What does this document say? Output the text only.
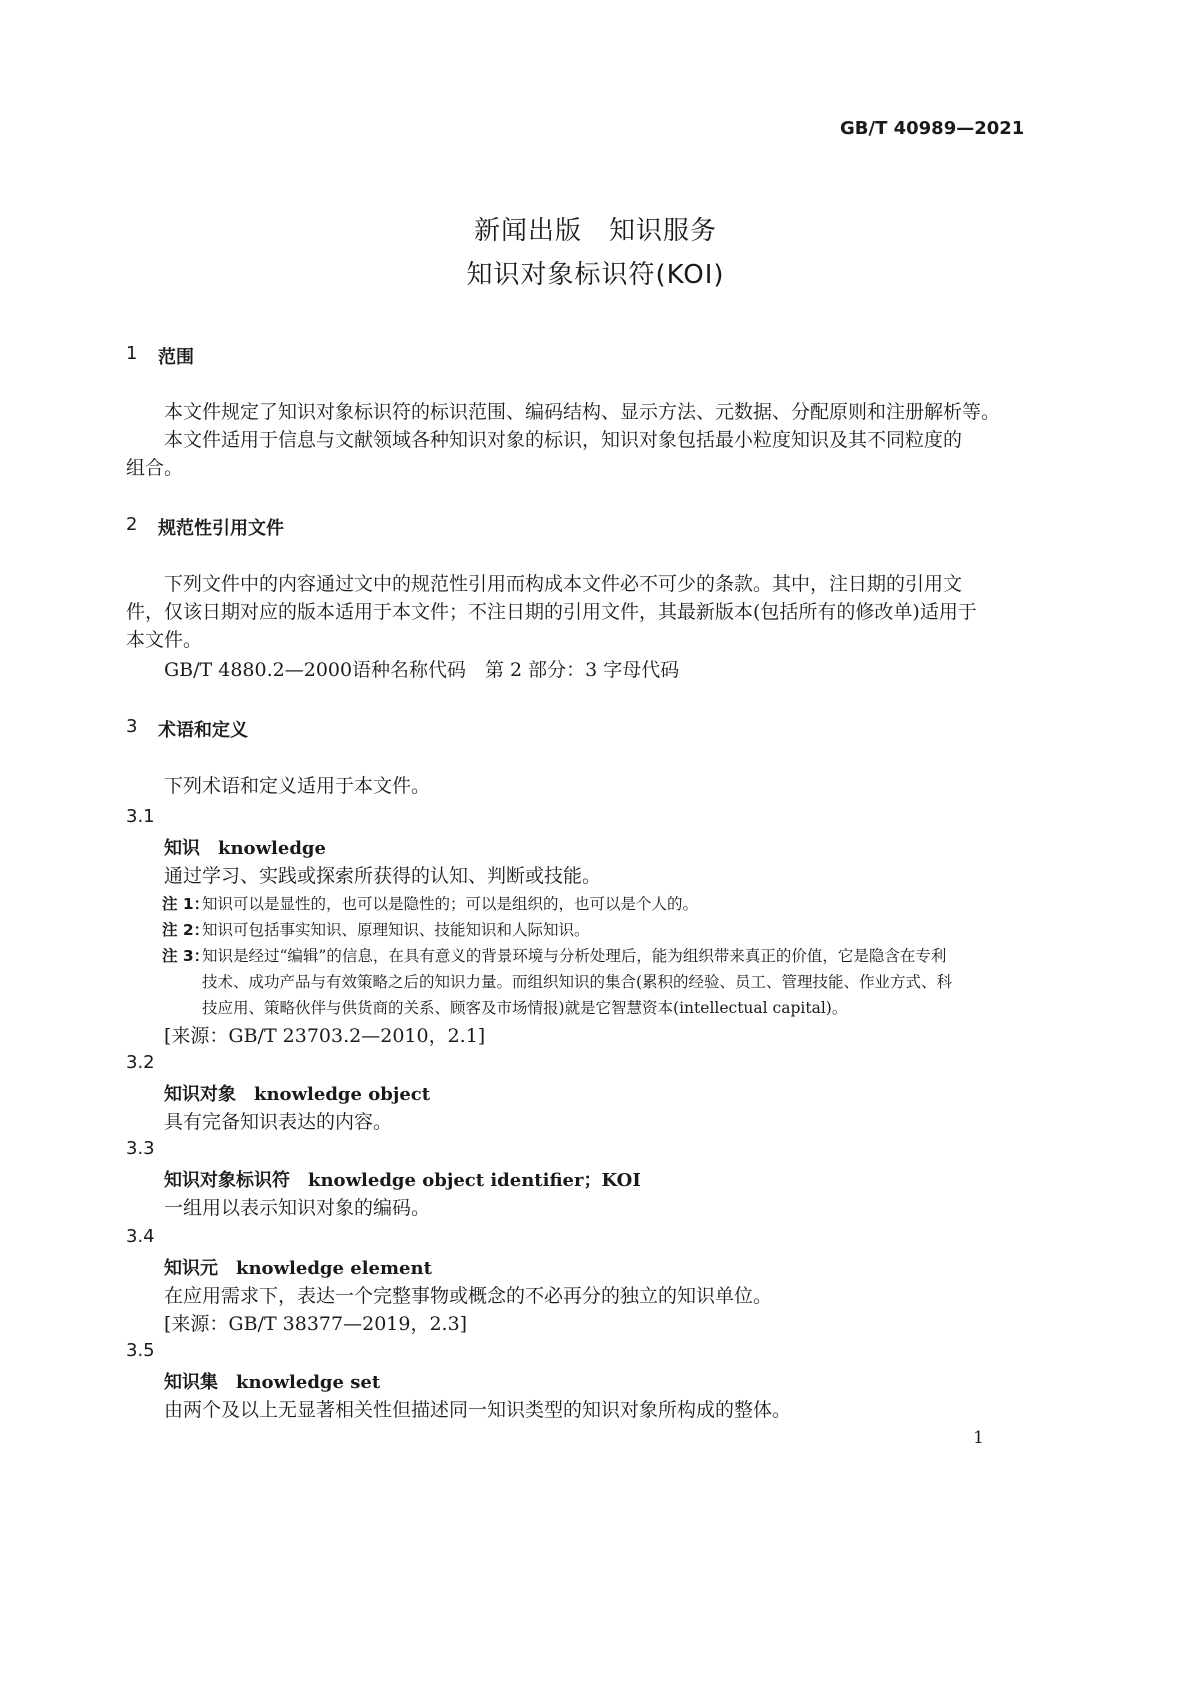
GB/T 40989—2021
新闻出版　知识服务
知识对象标识符(KOI)
1 范围
本文件规定了知识对象标识符的标识范围、编码结构、显示方法、元数据、分配原则和注册解析等。
本文件适用于信息与文献领域各种知识对象的标识，知识对象包括最小粒度知识及其不同粒度的
组合。
2 规范性引用文件
下列文件中的内容通过文中的规范性引用而构成本文件必不可少的条款。其中，注日期的引用文
件，仅该日期对应的版本适用于本文件；不注日期的引用文件，其最新版本(包括所有的修改单)适用于
本文件。
GB/T 4880.2—2000 语种名称代码　第 2 部分：3 字母代码
3 术语和定义
下列术语和定义适用于本文件。
3.1
知识　knowledge
通过学习、实践或探索所获得的认知、判断或技能。
注 1：
知识可以是显性的，也可以是隐性的；可以是组织的，也可以是个人的。
注 2：
知识可包括事实知识、原理知识、技能知识和人际知识。
注 3：
知识是经过“编辑”的信息，在具有意义的背景环境与分析处理后，能为组织带来真正的价值，它是隐含在专利
技术、成功产品与有效策略之后的知识力量。而组织知识的集合(累积的经验、员工、管理技能、作业方式、科
技应用、策略伙伴与供货商的关系、顾客及市场情报)就是它智慧资本(intellectual capital)。
[来源：GB/T 23703.2—2010，2.1]
3.2
知识对象　knowledge object
具有完备知识表达的内容。
3.3
知识对象标识符　knowledge object identifier；KOI
一组用以表示知识对象的编码。
3.4
知识元　knowledge element
在应用需求下，表达一个完整事物或概念的不必再分的独立的知识单位。
[来源：GB/T 38377—2019，2.3]
3.5
知识集　knowledge set
由两个及以上无显著相关性但描述同一知识类型的知识对象所构成的整体。
1
